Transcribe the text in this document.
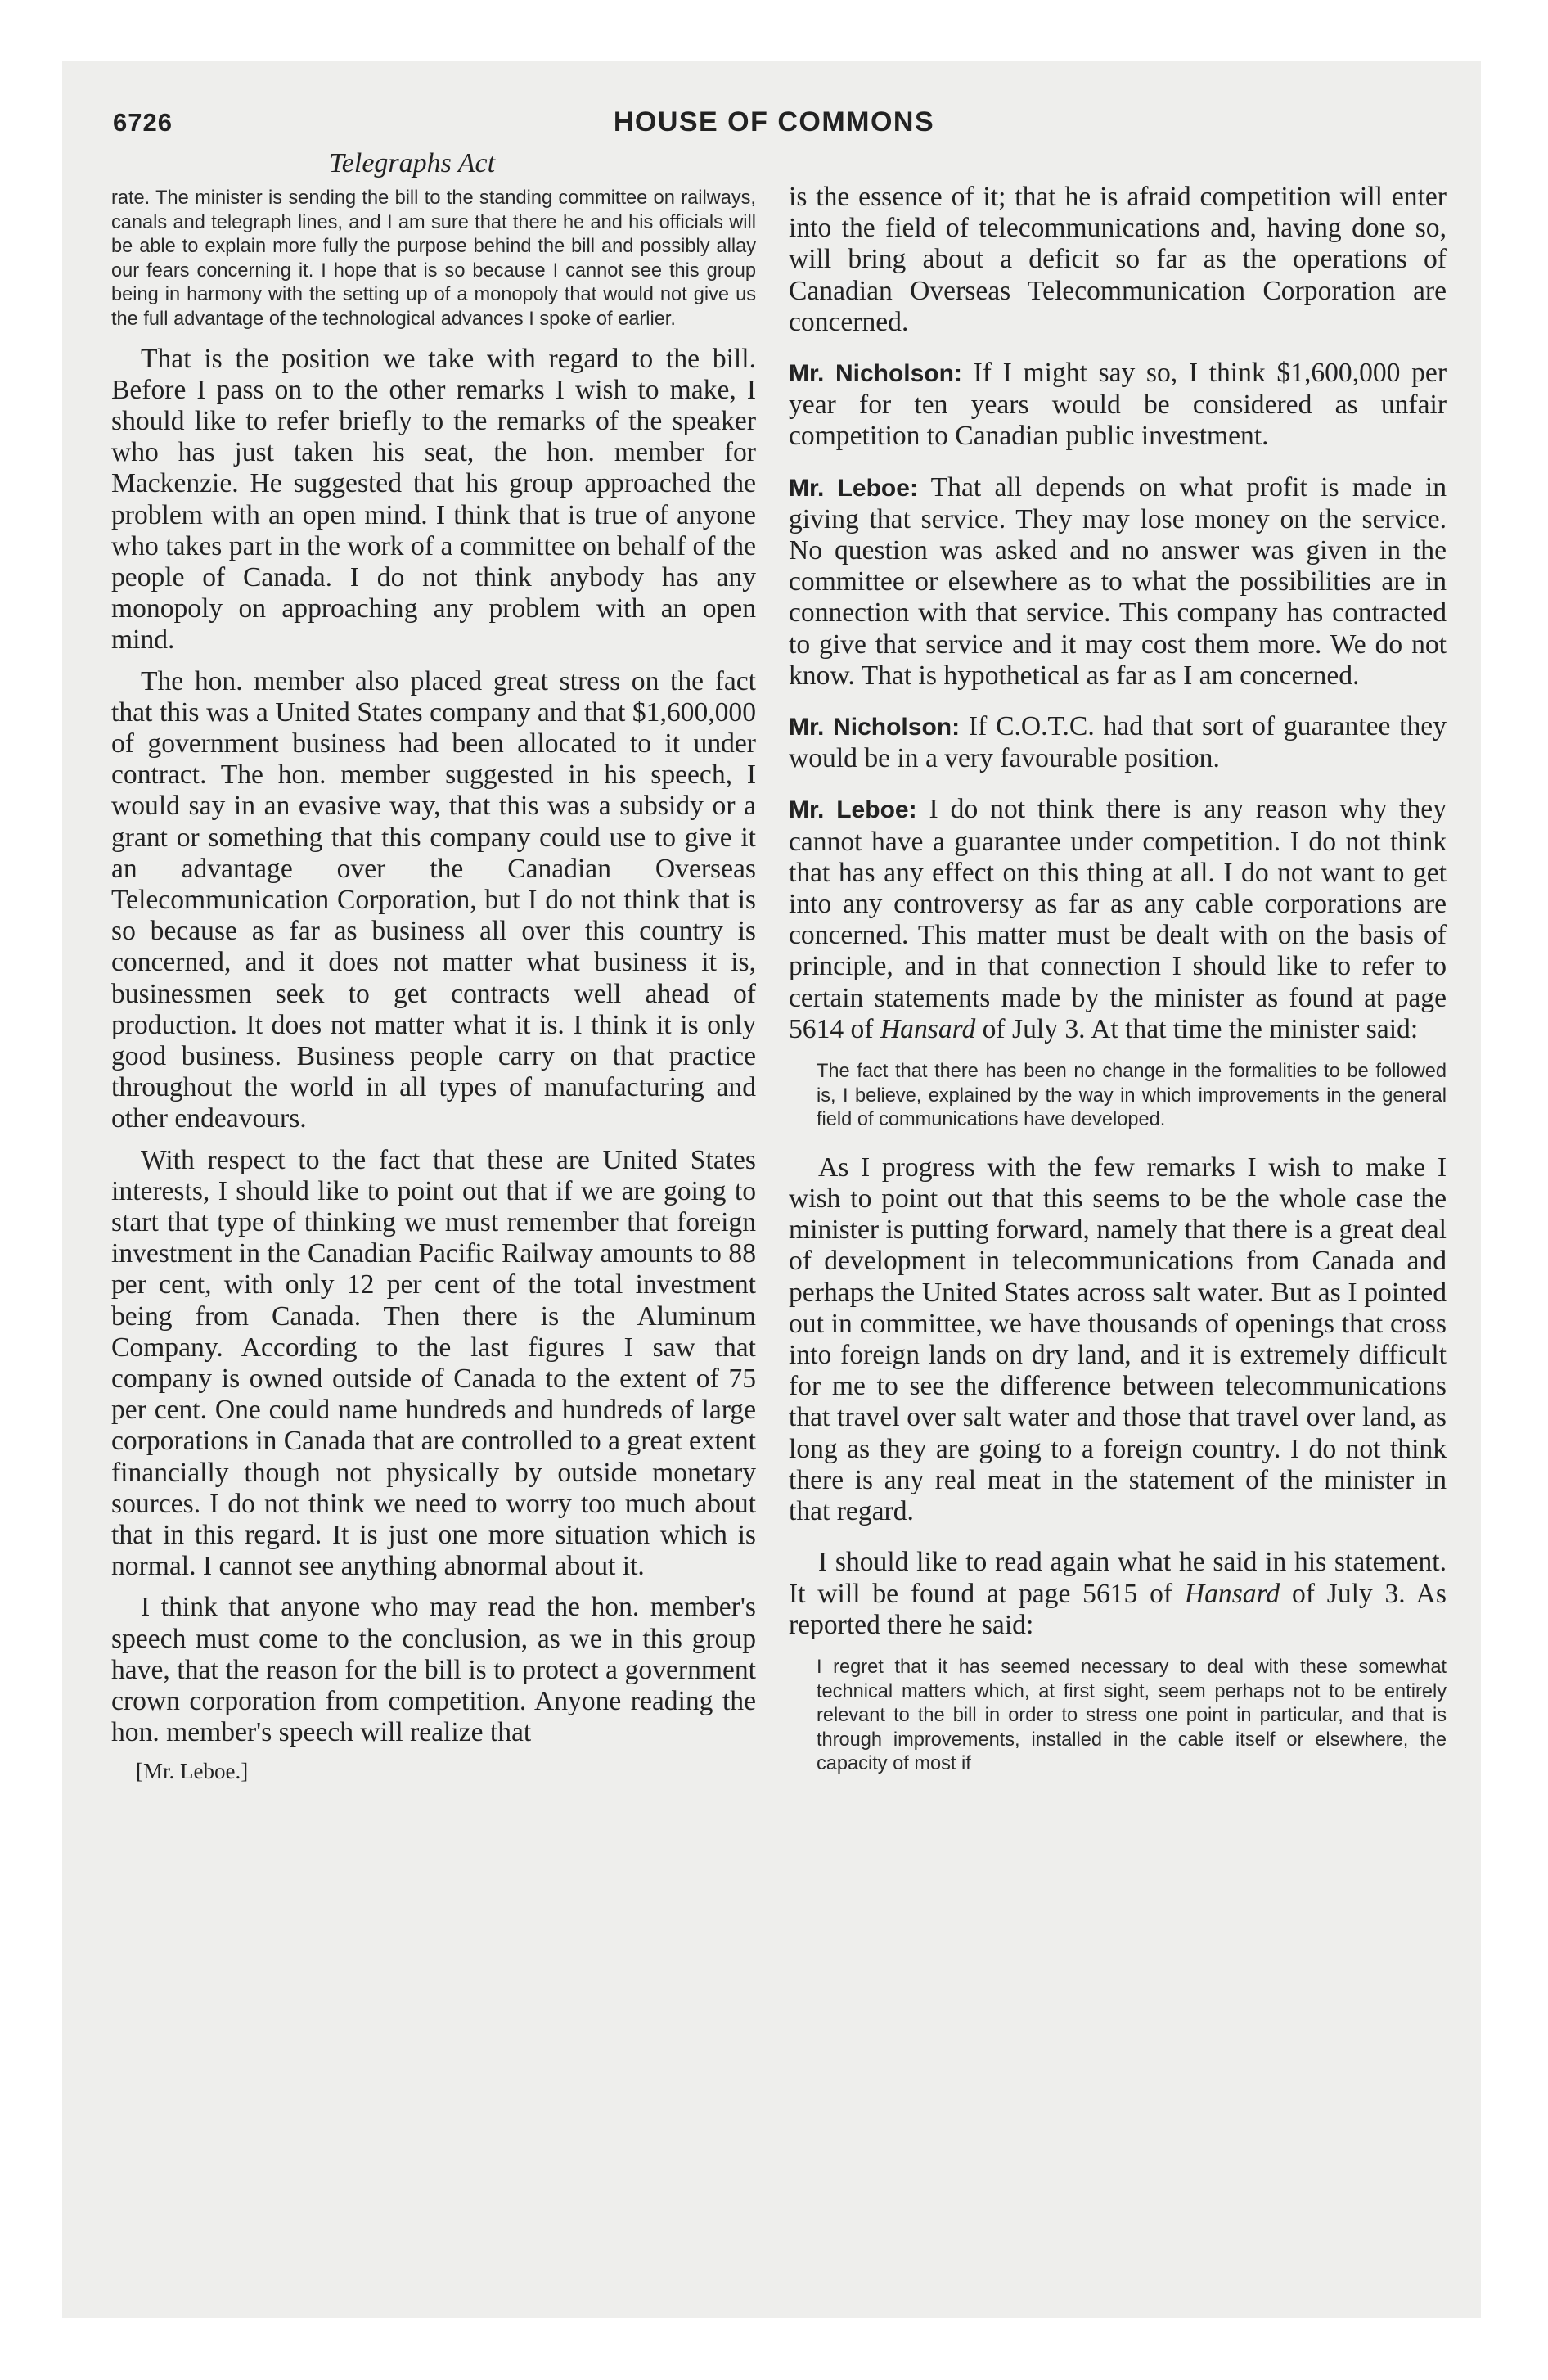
6726	HOUSE OF COMMONS

Telegraphs Act

rate. The minister is sending the bill to the standing committee on railways, canals and telegraph lines, and I am sure that there he and his officials will be able to explain more fully the purpose behind the bill and possibly allay our fears concerning it. I hope that is so because I cannot see this group being in harmony with the setting up of a monopoly that would not give us the full advantage of the technological advances I spoke of earlier.

That is the position we take with regard to the bill. Before I pass on to the other remarks I wish to make, I should like to refer briefly to the remarks of the speaker who has just taken his seat, the hon. member for Mackenzie. He suggested that his group approached the problem with an open mind. I think that is true of anyone who takes part in the work of a committee on behalf of the people of Canada. I do not think anybody has any monopoly on approaching any problem with an open mind.

The hon. member also placed great stress on the fact that this was a United States company and that $1,600,000 of government business had been allocated to it under contract. The hon. member suggested in his speech, I would say in an evasive way, that this was a subsidy or a grant or something that this company could use to give it an advantage over the Canadian Overseas Telecommunication Corporation, but I do not think that is so because as far as business all over this country is concerned, and it does not matter what business it is, businessmen seek to get contracts well ahead of production. It does not matter what it is. I think it is only good business. Business people carry on that practice throughout the world in all types of manufacturing and other endeavours.

With respect to the fact that these are United States interests, I should like to point out that if we are going to start that type of thinking we must remember that foreign investment in the Canadian Pacific Railway amounts to 88 per cent, with only 12 per cent of the total investment being from Canada. Then there is the Aluminum Company. According to the last figures I saw that company is owned outside of Canada to the extent of 75 per cent. One could name hundreds and hundreds of large corporations in Canada that are controlled to a great extent financially though not physically by outside monetary sources. I do not think we need to worry too much about that in this regard. It is just one more situation which is normal. I cannot see anything abnormal about it.

I think that anyone who may read the hon. member's speech must come to the conclusion, as we in this group have, that the reason for the bill is to protect a government crown corporation from competition. Anyone reading the hon. member's speech will realize that

[Mr. Leboe.]

is the essence of it; that he is afraid competition will enter into the field of telecommunications and, having done so, will bring about a deficit so far as the operations of Canadian Overseas Telecommunication Corporation are concerned.

Mr. Nicholson: If I might say so, I think $1,600,000 per year for ten years would be considered as unfair competition to Canadian public investment.

Mr. Leboe: That all depends on what profit is made in giving that service. They may lose money on the service. No question was asked and no answer was given in the committee or elsewhere as to what the possibilities are in connection with that service. This company has contracted to give that service and it may cost them more. We do not know. That is hypothetical as far as I am concerned.

Mr. Nicholson: If C.O.T.C. had that sort of guarantee they would be in a very favourable position.

Mr. Leboe: I do not think there is any reason why they cannot have a guarantee under competition. I do not think that has any effect on this thing at all. I do not want to get into any controversy as far as any cable corporations are concerned. This matter must be dealt with on the basis of principle, and in that connection I should like to refer to certain statements made by the minister as found at page 5614 of Hansard of July 3. At that time the minister said:

The fact that there has been no change in the formalities to be followed is, I believe, explained by the way in which improvements in the general field of communications have developed.

As I progress with the few remarks I wish to make I wish to point out that this seems to be the whole case the minister is putting forward, namely that there is a great deal of development in telecommunications from Canada and perhaps the United States across salt water. But as I pointed out in committee, we have thousands of openings that cross into foreign lands on dry land, and it is extremely difficult for me to see the difference between telecommunications that travel over salt water and those that travel over land, as long as they are going to a foreign country. I do not think there is any real meat in the statement of the minister in that regard.

I should like to read again what he said in his statement. It will be found at page 5615 of Hansard of July 3. As reported there he said:

I regret that it has seemed necessary to deal with these somewhat technical matters which, at first sight, seem perhaps not to be entirely relevant to the bill in order to stress one point in particular, and that is through improvements, installed in the cable itself or elsewhere, the capacity of most if
